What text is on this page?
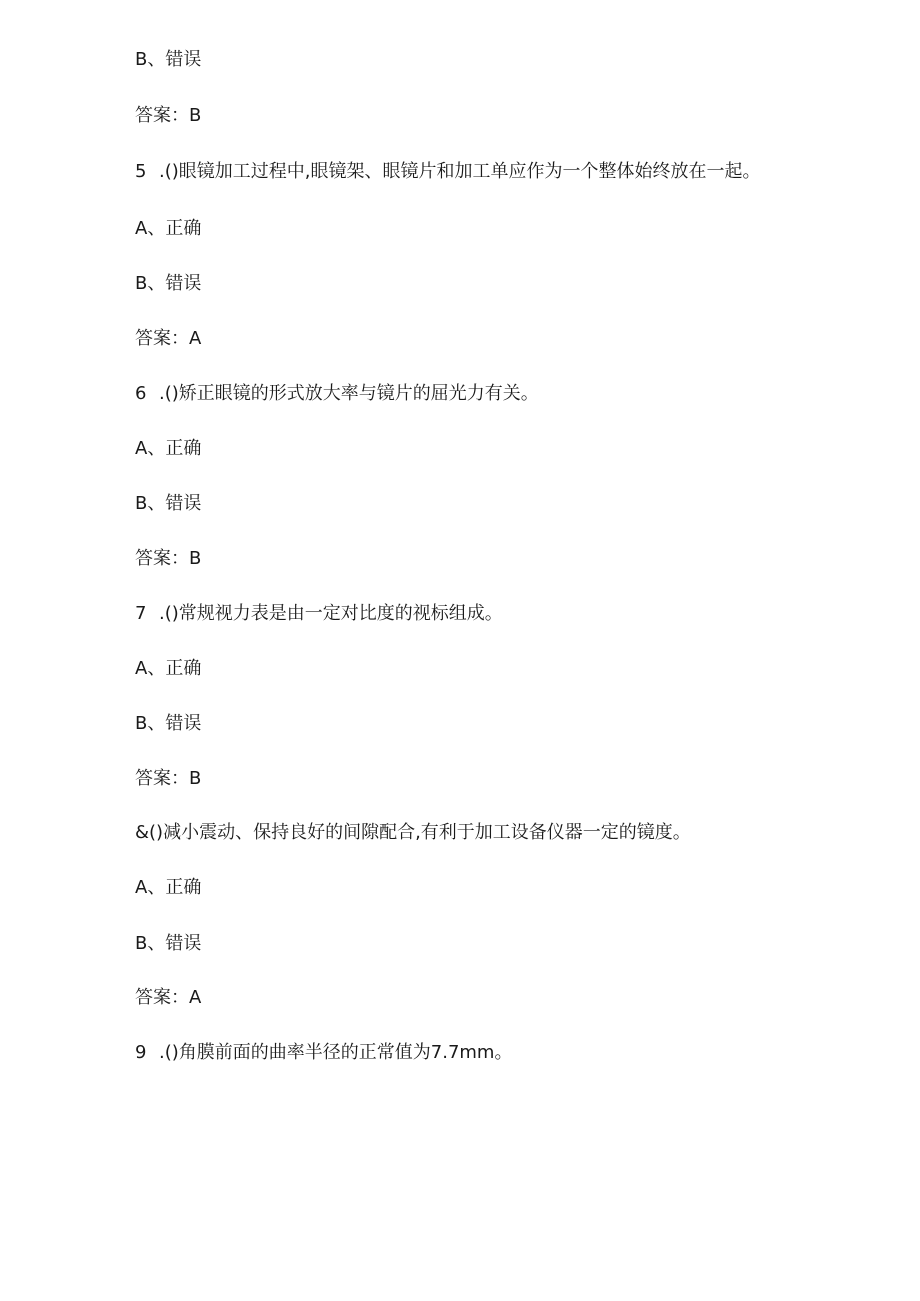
B、错误
答案：B
5 .()眼镜加工过程中,眼镜架、眼镜片和加工单应作为一个整体始终放在一起。
A、正确
B、错误
答案：A
6 .()矫正眼镜的形式放大率与镜片的屈光力有关。
A、正确
B、错误
答案：B
7 .()常规视力表是由一定对比度的视标组成。
A、正确
B、错误
答案：B
&()减小震动、保持良好的间隙配合,有利于加工设备仪器一定的镜度。
A、正确
B、错误
答案：A
9 .()角膜前面的曲率半径的正常值为7.7mm。
